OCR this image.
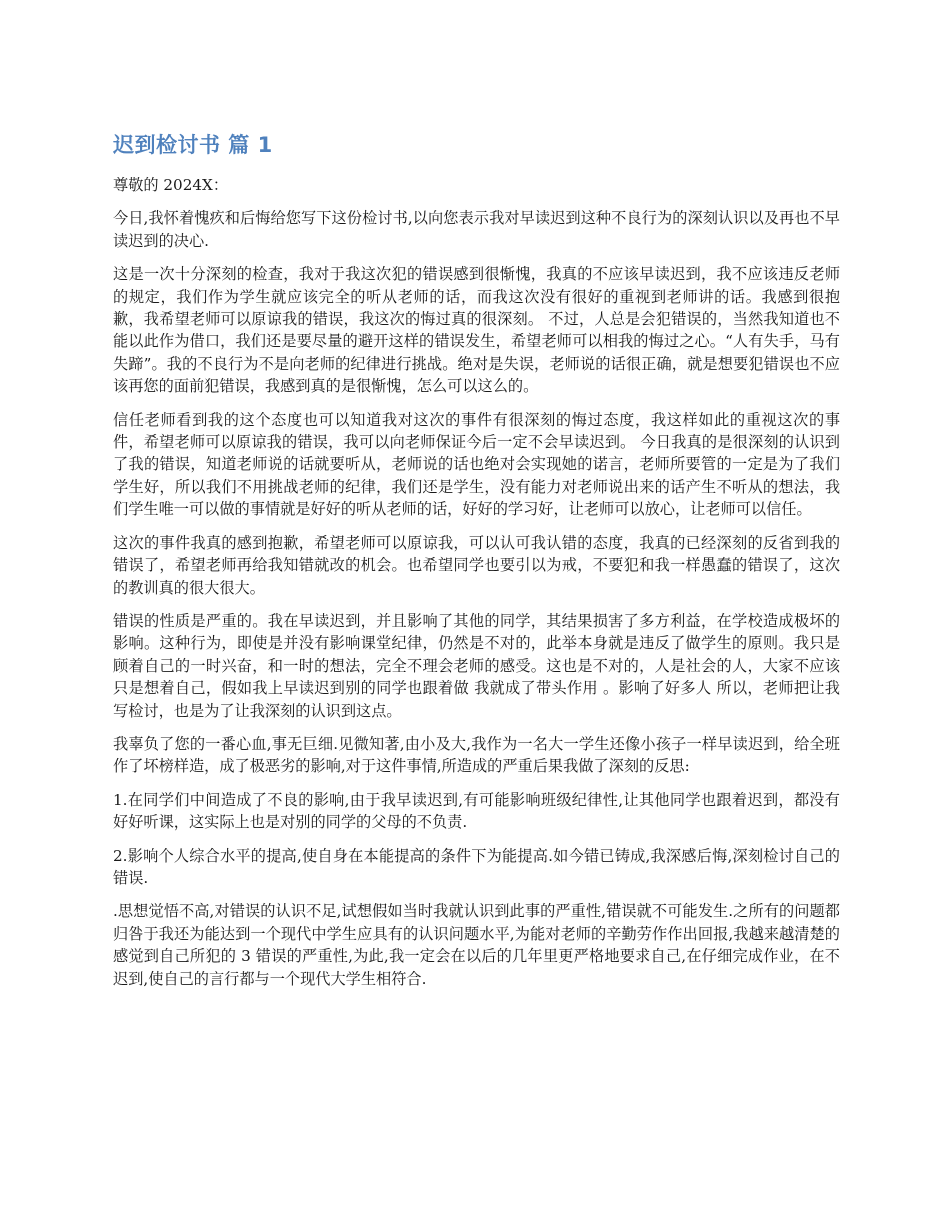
迟到检讨书 篇 1

尊敬的 2024X：

今日,我怀着愧疚和后悔给您写下这份检讨书,以向您表示我对早读迟到这种不良行为的深刻认识以及再也不早读迟到的决心.

这是一次十分深刻的检查，我对于我这次犯的错误感到很惭愧，我真的不应该早读迟到，我不应该违反老师的规定，我们作为学生就应该完全的听从老师的话，而我这次没有很好的重视到老师讲的话。我感到很抱歉，我希望老师可以原谅我的错误，我这次的悔过真的很深刻。 不过，人总是会犯错误的，当然我知道也不能以此作为借口，我们还是要尽量的避开这样的错误发生，希望老师可以相我的悔过之心。“人有失手，马有失蹄”。我的不良行为不是向老师的纪律进行挑战。绝对是失误，老师说的话很正确，就是想要犯错误也不应该再您的面前犯错误，我感到真的是很惭愧，怎么可以这么的。

信任老师看到我的这个态度也可以知道我对这次的事件有很深刻的悔过态度，我这样如此的重视这次的事件，希望老师可以原谅我的错误，我可以向老师保证今后一定不会早读迟到。 今日我真的是很深刻的认识到了我的错误，知道老师说的话就要听从，老师说的话也绝对会实现她的诺言，老师所要管的一定是为了我们学生好，所以我们不用挑战老师的纪律，我们还是学生，没有能力对老师说出来的话产生不听从的想法，我们学生唯一可以做的事情就是好好的听从老师的话，好好的学习好，让老师可以放心，让老师可以信任。

这次的事件我真的感到抱歉，希望老师可以原谅我，可以认可我认错的态度，我真的已经深刻的反省到我的错误了，希望老师再给我知错就改的机会。也希望同学也要引以为戒，不要犯和我一样愚蠢的错误了，这次的教训真的很大很大。

错误的性质是严重的。我在早读迟到，并且影响了其他的同学，其结果损害了多方利益，在学校造成极坏的影响。这种行为，即使是并没有影响课堂纪律，仍然是不对的，此举本身就是违反了做学生的原则。我只是顾着自己的一时兴奋，和一时的想法，完全不理会老师的感受。这也是不对的，人是社会的人，大家不应该只是想着自己，假如我上早读迟到别的同学也跟着做 我就成了带头作用 。影响了好多人 所以，老师把让我写检讨，也是为了让我深刻的认识到这点。

我辜负了您的一番心血,事无巨细.见微知著,由小及大,我作为一名大一学生还像小孩子一样早读迟到，给全班作了坏榜样造，成了极恶劣的影响,对于这件事情,所造成的严重后果我做了深刻的反思:

1.在同学们中间造成了不良的影响,由于我早读迟到,有可能影响班级纪律性,让其他同学也跟着迟到，都没有好好听课，这实际上也是对别的同学的父母的不负责.

2.影响个人综合水平的提高,使自身在本能提高的条件下为能提高.如今错已铸成,我深感后悔,深刻检讨自己的错误.

.思想觉悟不高,对错误的认识不足,试想假如当时我就认识到此事的严重性,错误就不可能发生.之所有的问题都归咎于我还为能达到一个现代中学生应具有的认识问题水平,为能对老师的辛勤劳作作出回报,我越来越清楚的感觉到自己所犯的 3 错误的严重性,为此,我一定会在以后的几年里更严格地要求自己,在仔细完成作业，在不迟到,使自己的言行都与一个现代大学生相符合.
